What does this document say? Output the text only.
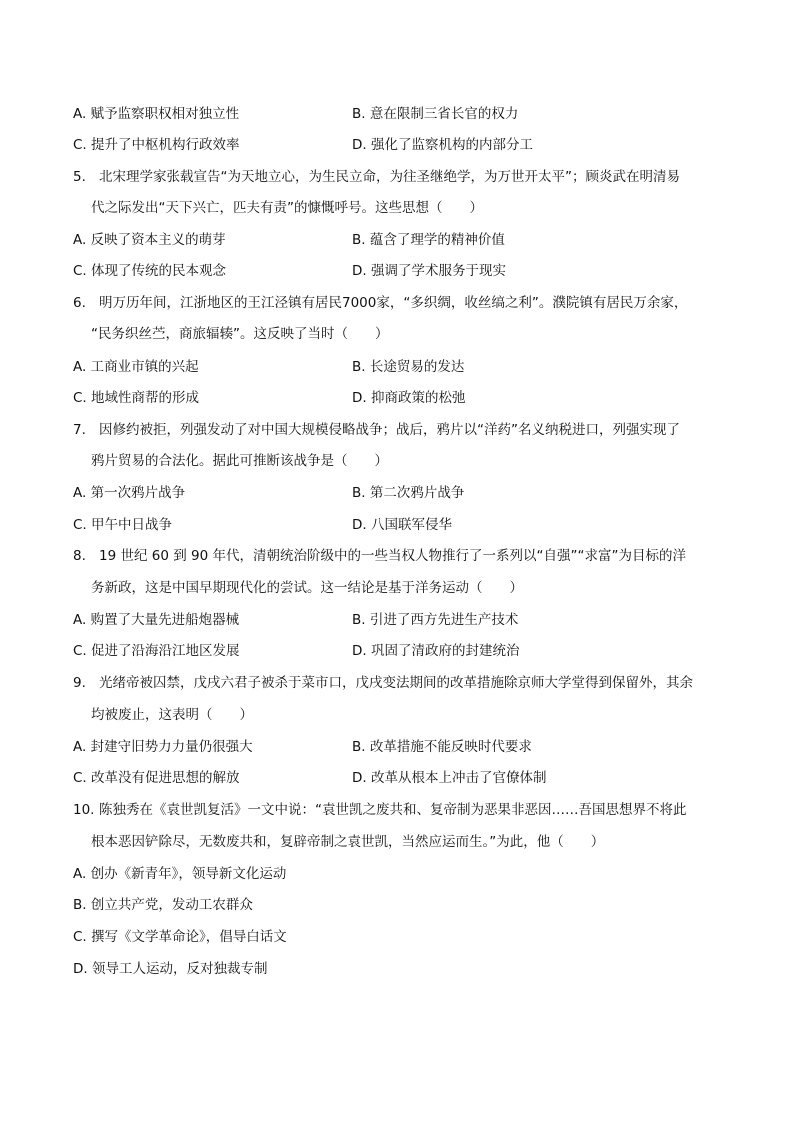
A. 赋予监察职权相对独立性	B. 意在限制三省长官的权力
C. 提升了中枢机构行政效率	D. 强化了监察机构的内部分工
5. 北宋理学家张载宣告“为天地立心，为生民立命，为往圣继绝学，为万世开太平”；顾炎武在明清易
代之际发出“天下兴亡，匹夫有责”的慷慨呼号。这些思想（　　）
A. 反映了资本主义的萌芽	B. 蕴含了理学的精神价值
C. 体现了传统的民本观念	D. 强调了学术服务于现实
6. 明万历年间，江浙地区的王江泾镇有居民7000家，“多织绸，收丝缟之利”。濮院镇有居民万余家，
“民务织丝苎，商旅辐辏”。这反映了当时（　　）
A. 工商业市镇的兴起	B. 长途贸易的发达
C. 地域性商帮的形成	D. 抑商政策的松弛
7. 因修约被拒，列强发动了对中国大规模侵略战争；战后，鸦片以“洋药”名义纳税进口，列强实现了
鸦片贸易的合法化。据此可推断该战争是（　　）
A. 第一次鸦片战争	B. 第二次鸦片战争
C. 甲午中日战争	D. 八国联军侵华
8. 19 世纪 60 到 90 年代，清朝统治阶级中的一些当权人物推行了一系列以“自强”“求富”为目标的洋
务新政，这是中国早期现代化的尝试。这一结论是基于洋务运动（　　）
A. 购置了大量先进船炮器械	B. 引进了西方先进生产技术
C. 促进了沿海沿江地区发展	D. 巩固了清政府的封建统治
9. 光绪帝被囚禁，戊戌六君子被杀于菜市口，戊戌变法期间的改革措施除京师大学堂得到保留外，其余
均被废止，这表明（　　）
A. 封建守旧势力力量仍很强大	B. 改革措施不能反映时代要求
C. 改革没有促进思想的解放	D. 改革从根本上冲击了官僚体制
10. 陈独秀在《袁世凯复活》一文中说：“袁世凯之废共和、复帝制为恶果非恶因……吾国思想界不将此
根本恶因铲除尽，无数废共和，复辟帝制之袁世凯，当然应运而生。”为此，他（　　）
A. 创办《新青年》，领导新文化运动
B. 创立共产党，发动工农群众
C. 撰写《文学革命论》，倡导白话文
D. 领导工人运动，反对独裁专制
